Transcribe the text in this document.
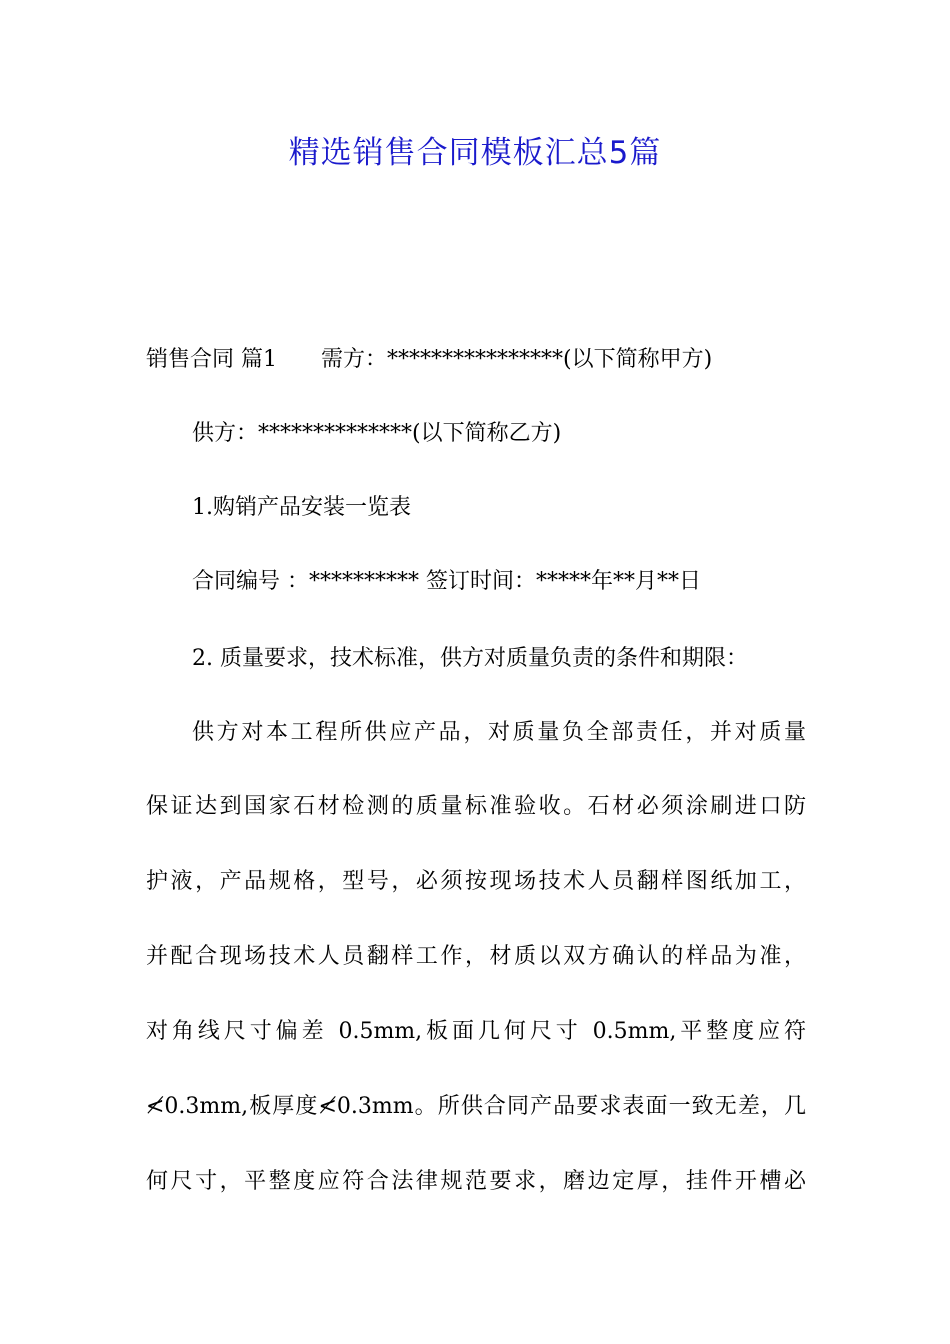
精选销售合同模板汇总5篇
销售合同 篇1 需方：****************(以下简称甲方)
供方：**************(以下简称乙方)
1.购销产品安装一览表
合同编号 ：********** 签订时间：*****年**月**日
2. 质量要求，技术标准，供方对质量负责的条件和期限：
供方对本工程所供应产品，对质量负全部责任，并对质量
保证达到国家石材检测的质量标准验收。石材必须涂刷进口防
护液，产品规格，型号，必须按现场技术人员翻样图纸加工，
并配合现场技术人员翻样工作，材质以双方确认的样品为准，
对角线尺寸偏差 0.5mm,板面几何尺寸 0.5mm,平整度应符
≮0.3mm,板厚度≮0.3mm。所供合同产品要求表面一致无差，几
何尺寸，平整度应符合法律规范要求，磨边定厚，挂件开槽必
